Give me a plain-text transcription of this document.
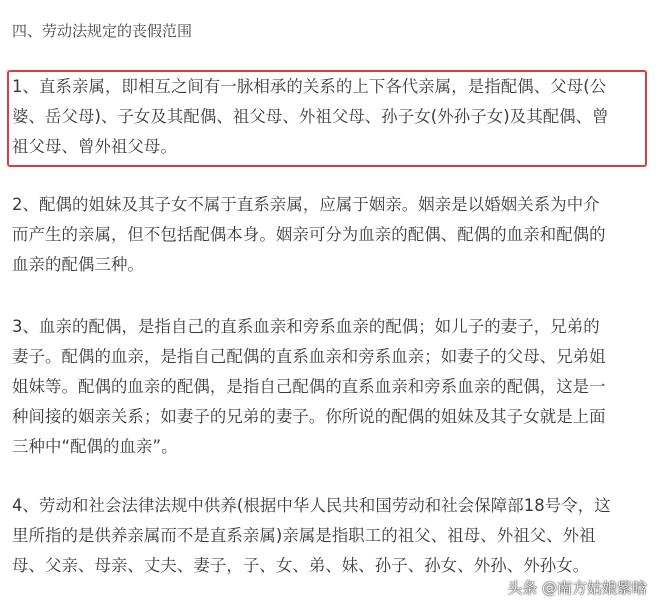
四、劳动法规定的丧假范围
1、直系亲属，即相互之间有一脉相承的关系的上下各代亲属，是指配偶、父母(公
婆、岳父母)、子女及其配偶、祖父母、外祖父母、孙子女(外孙子女)及其配偶、曾
祖父母、曾外祖父母。
2、配偶的姐妹及其子女不属于直系亲属，应属于姻亲。姻亲是以婚姻关系为中介
而产生的亲属，但不包括配偶本身。姻亲可分为血亲的配偶、配偶的血亲和配偶的
血亲的配偶三种。
3、血亲的配偶，是指自己的直系血亲和旁系血亲的配偶；如儿子的妻子，兄弟的
妻子。配偶的血亲，是指自己配偶的直系血亲和旁系血亲；如妻子的父母、兄弟姐
姐妹等。配偶的血亲的配偶，是指自己配偶的直系血亲和旁系血亲的配偶，这是一
种间接的姻亲关系；如妻子的兄弟的妻子。你所说的配偶的姐妹及其子女就是上面
三种中“配偶的血亲”。
4、劳动和社会法律法规中供养(根据中华人民共和国劳动和社会保障部18号令，这
里所指的是供养亲属而不是直系亲属)亲属是指职工的祖父、祖母、外祖父、外祖
母、父亲、母亲、丈夫、妻子，子、女、弟、妹、孙子、孙女、外孙、外孙女。
头条 @南方姑娘紫晗
